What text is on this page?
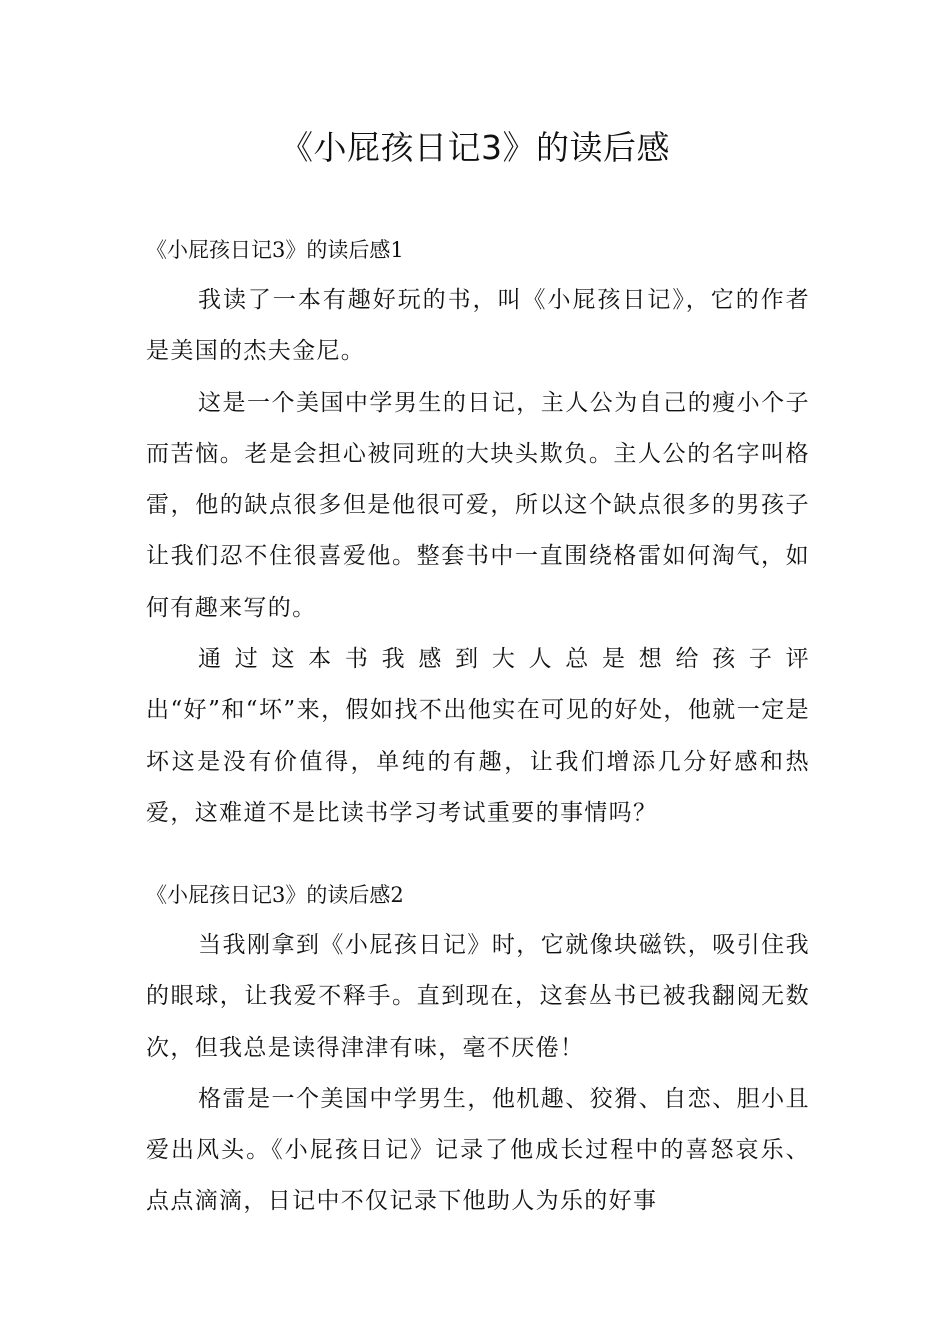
《小屁孩日记3》的读后感
《小屁孩日记3》的读后感1

我读了一本有趣好玩的书，叫《小屁孩日记》，它的作者是美国的杰夫金尼。

这是一个美国中学男生的日记，主人公为自己的瘦小个子而苦恼。老是会担心被同班的大块头欺负。主人公的名字叫格雷，他的缺点很多但是他很可爱，所以这个缺点很多的男孩子让我们忍不住很喜爱他。整套书中一直围绕格雷如何淘气，如何有趣来写的。

通过这本书我感到大人总是想给孩子评出“好”和“坏”来，假如找不出他实在可见的好处，他就一定是坏这是没有价值得，单纯的有趣，让我们增添几分好感和热爱，这难道不是比读书学习考试重要的事情吗？

《小屁孩日记3》的读后感2

当我刚拿到《小屁孩日记》时，它就像块磁铁，吸引住我的眼球，让我爱不释手。直到现在，这套丛书已被我翻阅无数次，但我总是读得津津有味，毫不厌倦！

格雷是一个美国中学男生，他机趣、狡猾、自恋、胆小且爱出风头。《小屁孩日记》记录了他成长过程中的喜怒哀乐、点点滴滴，日记中不仅记录下他助人为乐的好事
